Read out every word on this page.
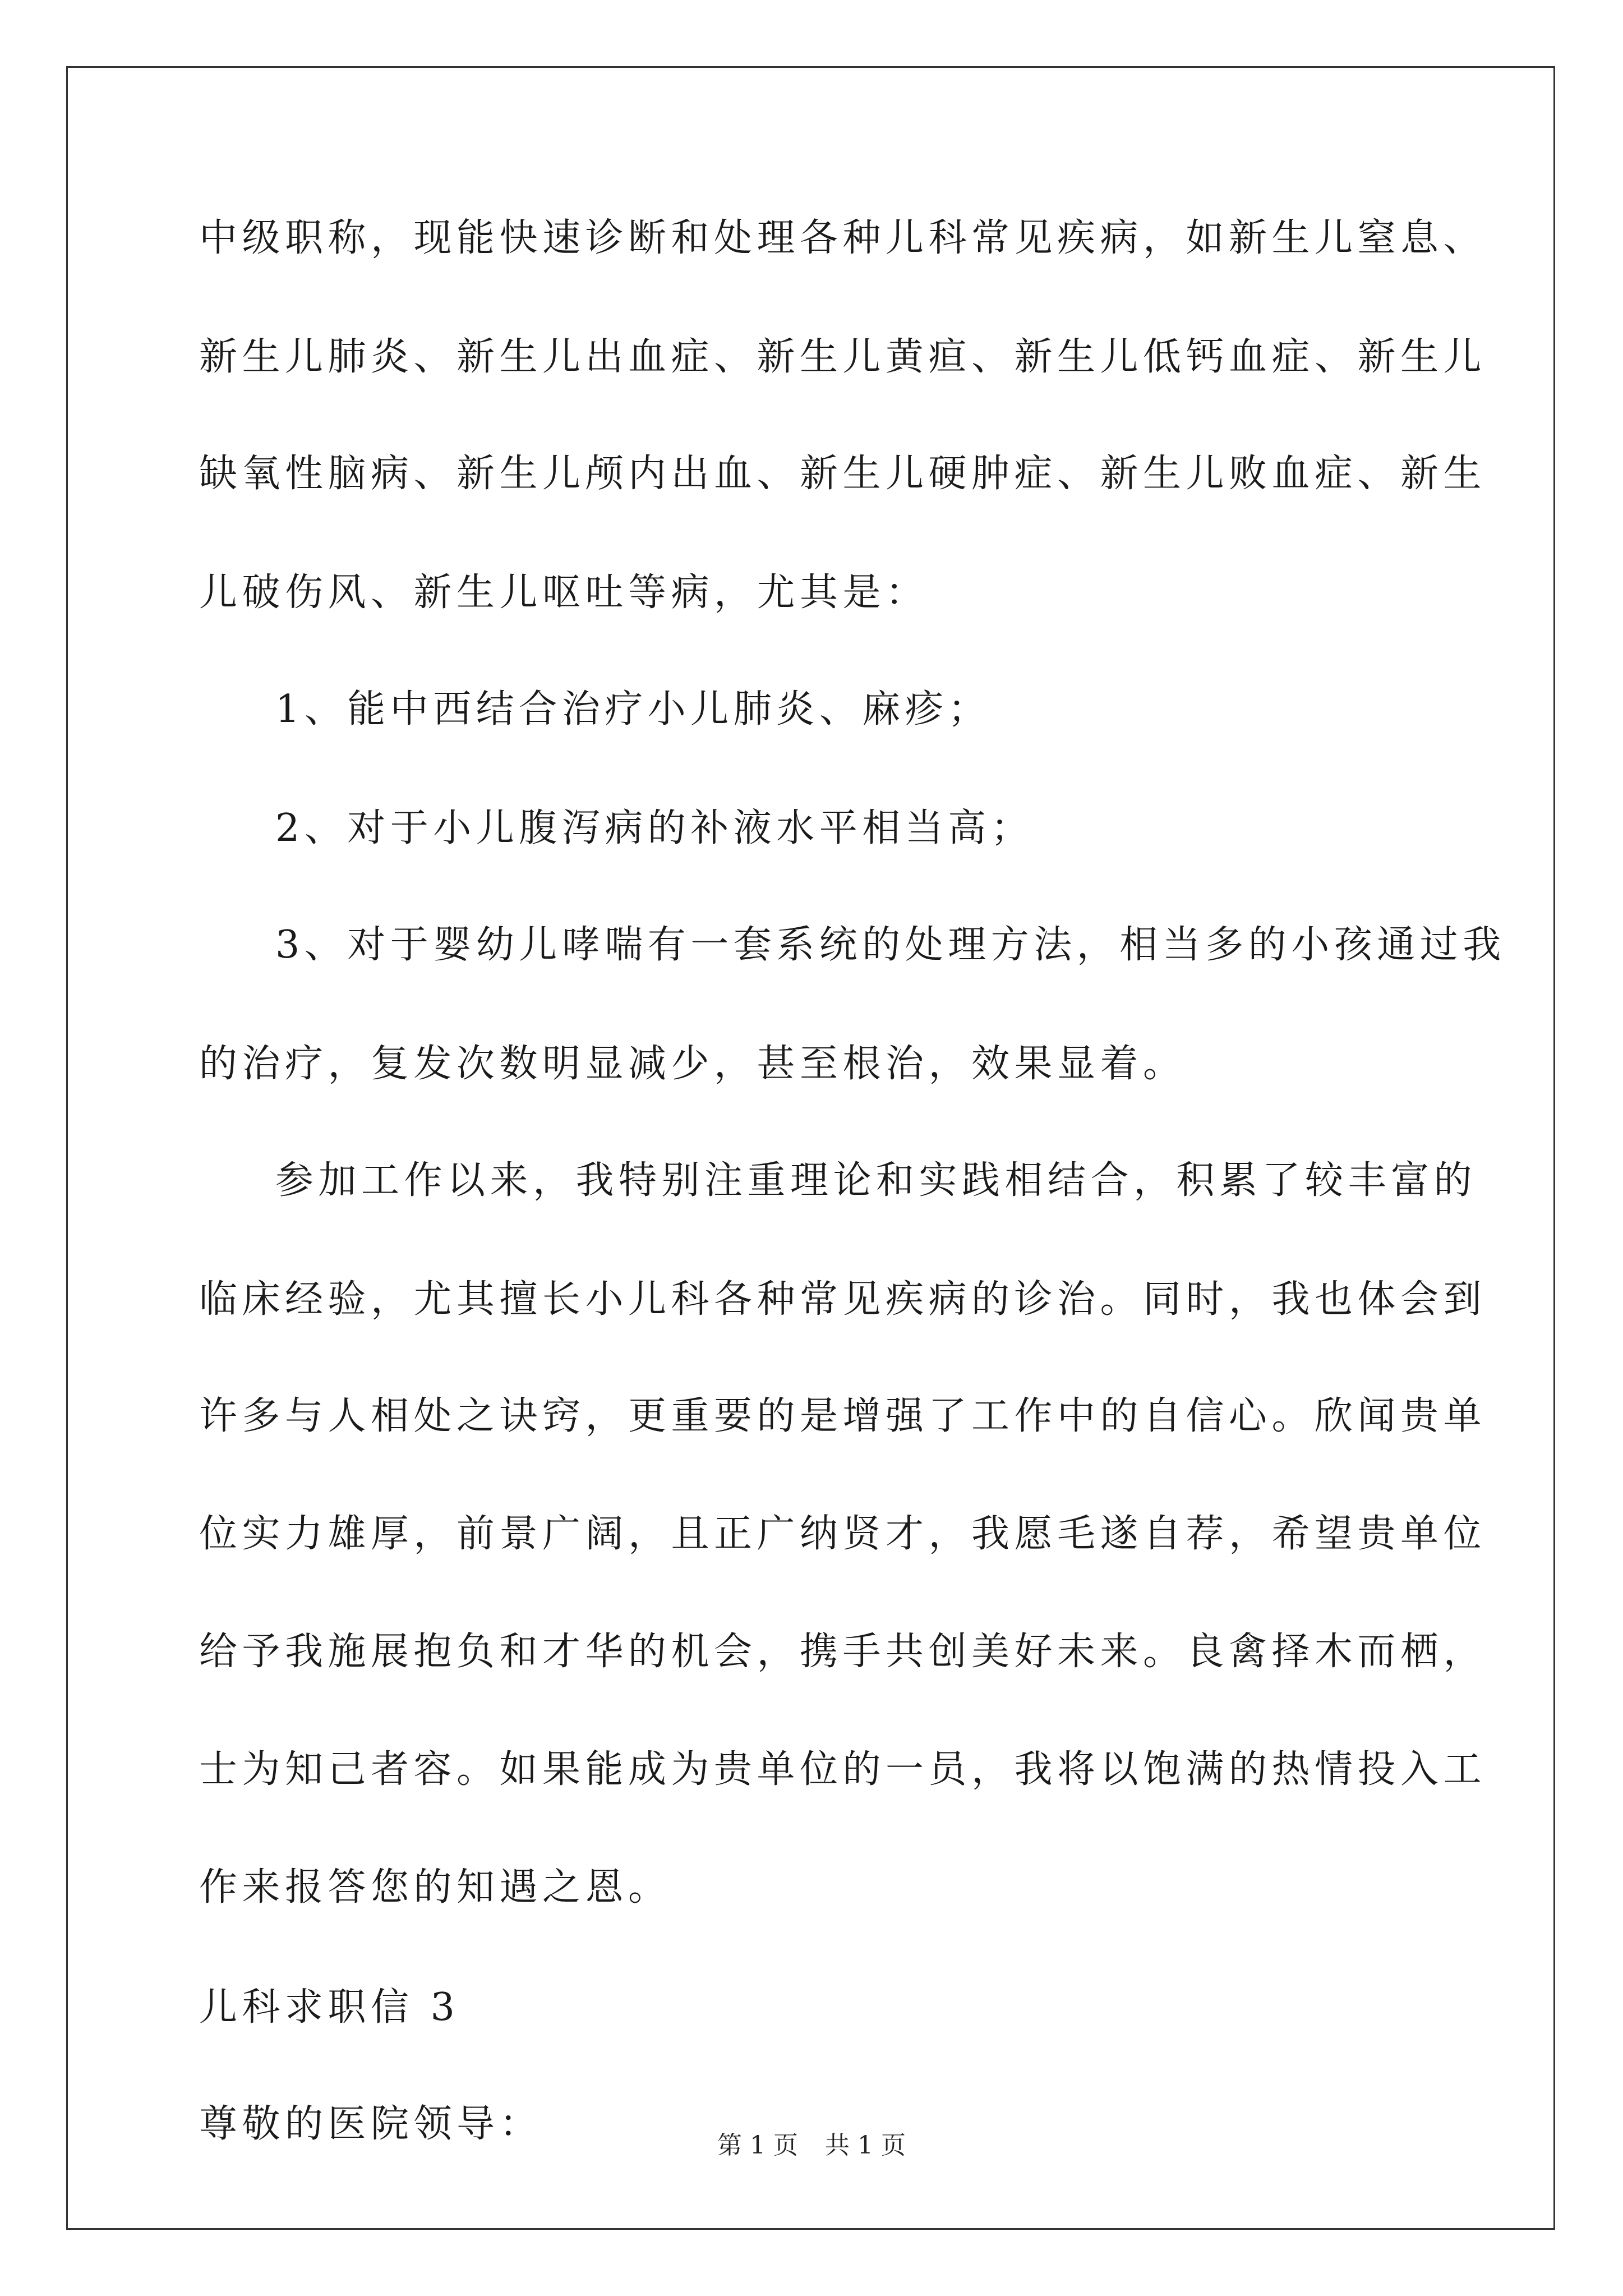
中级职称，现能快速诊断和处理各种儿科常见疾病，如新生儿窒息、
新生儿肺炎、新生儿出血症、新生儿黄疸、新生儿低钙血症、新生儿
缺氧性脑病、新生儿颅内出血、新生儿硬肿症、新生儿败血症、新生
儿破伤风、新生儿呕吐等病，尤其是：
1、能中西结合治疗小儿肺炎、麻疹；
2、对于小儿腹泻病的补液水平相当高；
3、对于婴幼儿哮喘有一套系统的处理方法，相当多的小孩通过我
的治疗，复发次数明显减少，甚至根治，效果显着。
参加工作以来，我特别注重理论和实践相结合，积累了较丰富的
临床经验，尤其擅长小儿科各种常见疾病的诊治。同时，我也体会到
许多与人相处之诀窍，更重要的是增强了工作中的自信心。欣闻贵单
位实力雄厚，前景广阔，且正广纳贤才，我愿毛遂自荐，希望贵单位
给予我施展抱负和才华的机会，携手共创美好未来。良禽择木而栖，
士为知己者容。如果能成为贵单位的一员，我将以饱满的热情投入工
作来报答您的知遇之恩。
儿科求职信 3
尊敬的医院领导：	第 1 页 共 1 页
